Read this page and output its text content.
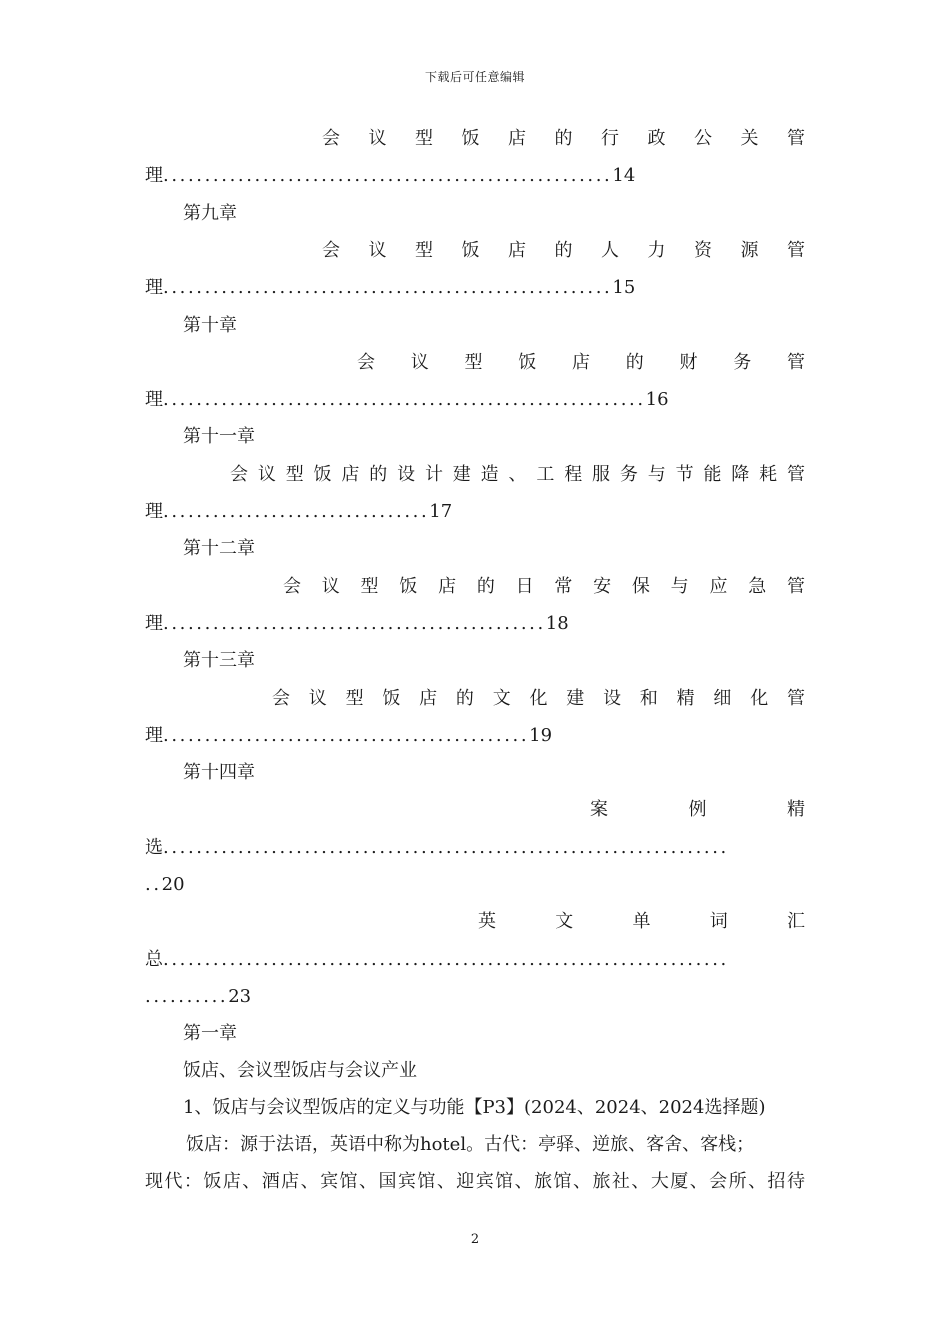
下载后可任意编辑
会 议 型 饭 店 的 行 政 公 关 管
理......................................................14
第九章
会 议 型 饭 店 的 人 力 资 源 管
理......................................................15
第十章
会 议 型 饭 店 的 财 务 管
理..........................................................16
第十一章
会 议 型 饭 店 的 设 计 建 造 、 工 程 服 务 与 节 能 降 耗 管
理................................17
第十二章
会 议 型 饭 店 的 日 常 安 保 与 应 急 管
理..............................................18
第十三章
会 议 型 饭 店 的 文 化 建 设 和 精 细 化 管
理............................................19
第十四章
案 例 精
选....................................................................
..20
英 文 单 词 汇
总....................................................................
..........23
第一章
饭店、会议型饭店与会议产业
1、饭店与会议型饭店的定义与功能【P3】(2024、2024、2024选择题)
饭店：源于法语，英语中称为hotel。古代：亭驿、逆旅、客舍、客栈；
现代：饭店、酒店、宾馆、国宾馆、迎宾馆、旅馆、旅社、大厦、会所、招待
2
